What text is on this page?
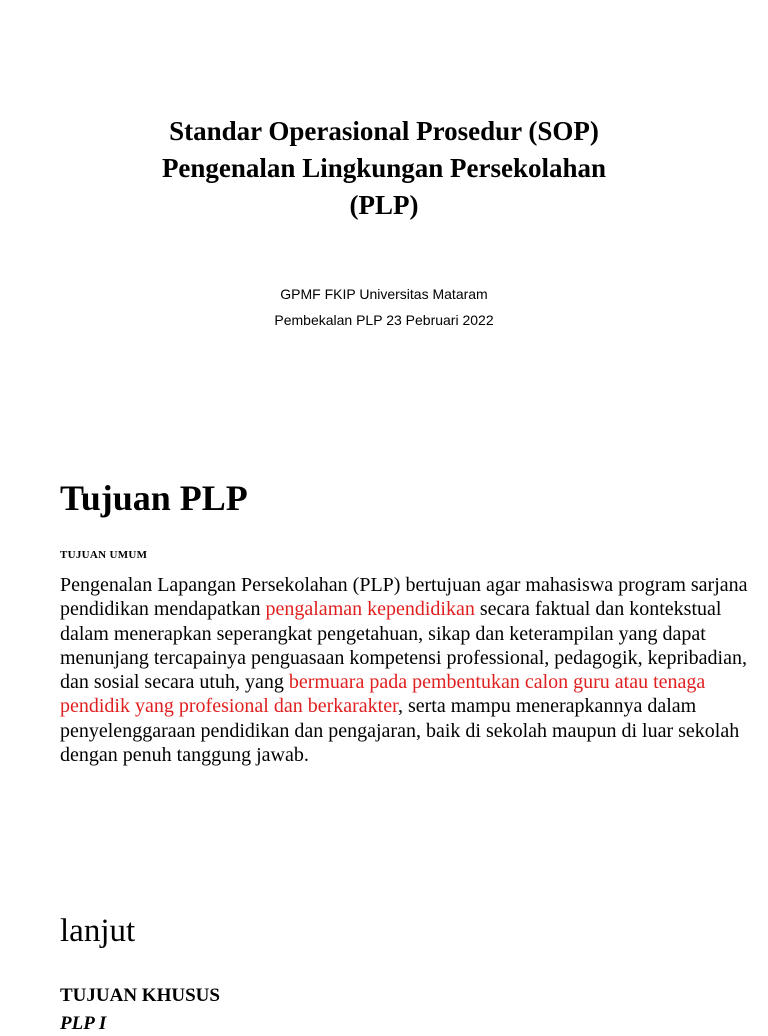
Standar Operasional Prosedur (SOP)
Pengenalan Lingkungan Persekolahan
(PLP)
GPMF FKIP Universitas Mataram
Pembekalan PLP 23 Pebruari 2022
Tujuan PLP
TUJUAN UMUM
Pengenalan Lapangan Persekolahan (PLP) bertujuan agar mahasiswa program sarjana pendidikan mendapatkan pengalaman kependidikan secara faktual dan kontekstual dalam menerapkan seperangkat pengetahuan, sikap dan keterampilan yang dapat menunjang tercapainya penguasaan kompetensi professional, pedagogik, kepribadian, dan sosial secara utuh, yang bermuara pada pembentukan calon guru atau tenaga pendidik yang profesional dan berkarakter, serta mampu menerapkannya dalam penyelenggaraan pendidikan dan pengajaran, baik di sekolah maupun di luar sekolah dengan penuh tanggung jawab.
lanjut
TUJUAN KHUSUS
PLP I
